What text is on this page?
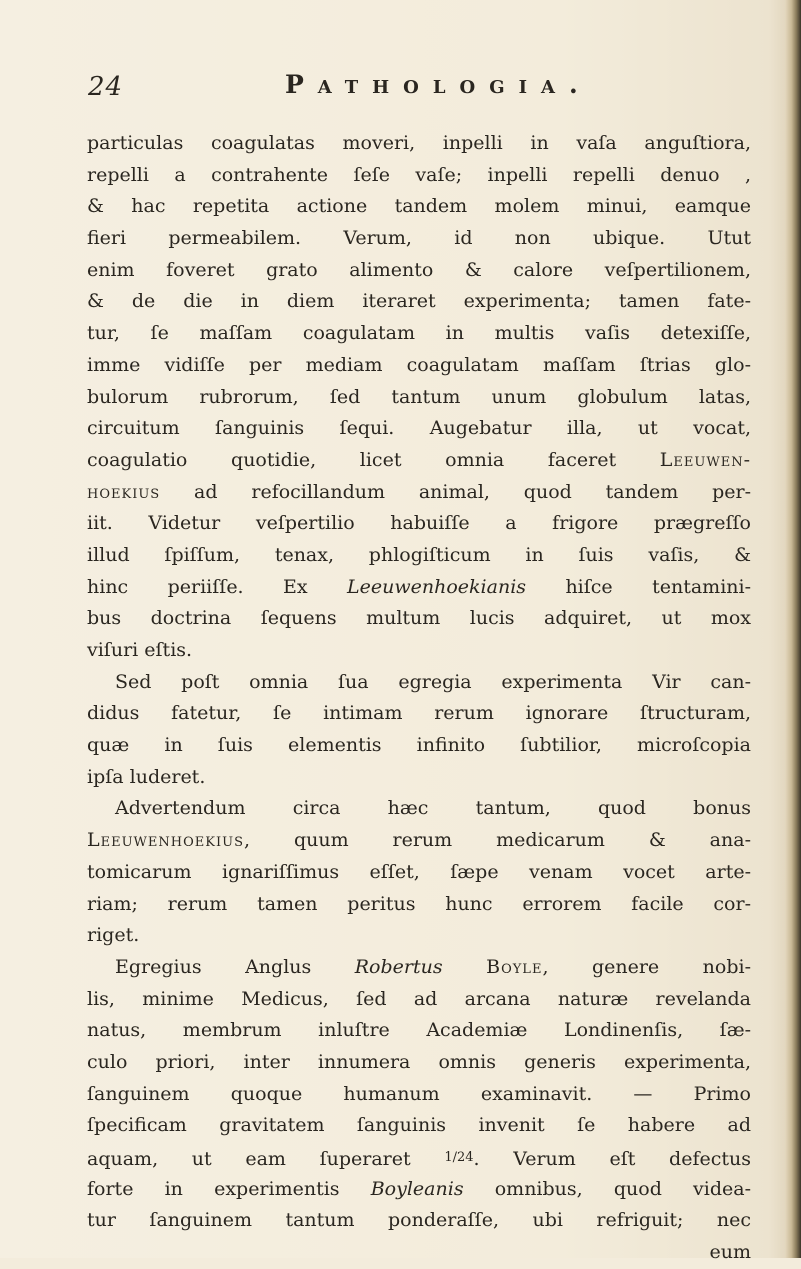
24	Pathologia.
particulas coagulatas moveri, inpelli in vaſa anguſtiora,
repelli a contrahente ſeſe vaſe; inpelli repelli denuo ,
& hac repetita actione tandem molem minui, eamque
fieri permeabilem. Verum, id non ubique. Utut
enim foveret grato alimento & calore veſpertilionem,
& de die in diem iteraret experimenta; tamen fate-
tur, ſe maſſam coagulatam in multis vaſis detexiſſe,
imme vidiſſe per mediam coagulatam maſſam ſtrias glo-
bulorum rubrorum, ſed tantum unum globulum latas,
circuitum ſanguinis ſequi. Augebatur illa, ut vocat,
coagulatio quotidie, licet omnia faceret Leeuwen-
hoekius ad refocillandum animal, quod tandem per-
iit. Videtur veſpertilio habuiſſe a frigore prægreſſo
illud ſpiſſum, tenax, phlogiſticum in ſuis vaſis, &
hinc periiſſe. Ex Leeuwenhoekianis hiſce tentamini-
bus doctrina ſequens multum lucis adquiret, ut mox
viſuri eſtis.
Sed poſt omnia ſua egregia experimenta Vir can-
didus fatetur, ſe intimam rerum ignorare ſtructuram,
quæ in ſuis elementis infinito ſubtilior, microſcopia
ipſa luderet.
Advertendum circa hæc tantum, quod bonus
Leeuwenhoekius, quum rerum medicarum & ana-
tomicarum ignariſſimus eſſet, ſæpe venam vocet arte-
riam; rerum tamen peritus hunc errorem facile cor-
riget.
Egregius Anglus Robertus Boyle, genere nobi-
lis, minime Medicus, ſed ad arcana naturæ revelanda
natus, membrum inluſtre Academiæ Londinenſis, ſæ-
culo priori, inter innumera omnis generis experimenta,
ſanguinem quoque humanum examinavit. — Primo
ſpecificam gravitatem ſanguinis invenit ſe habere ad
aquam, ut eam ſuperaret $^{1/24}$. Verum eſt defectus
forte in experimentis Boyleanis omnibus, quod videa-
tur ſanguinem tantum ponderaſſe, ubi refriguit; nec
eum
